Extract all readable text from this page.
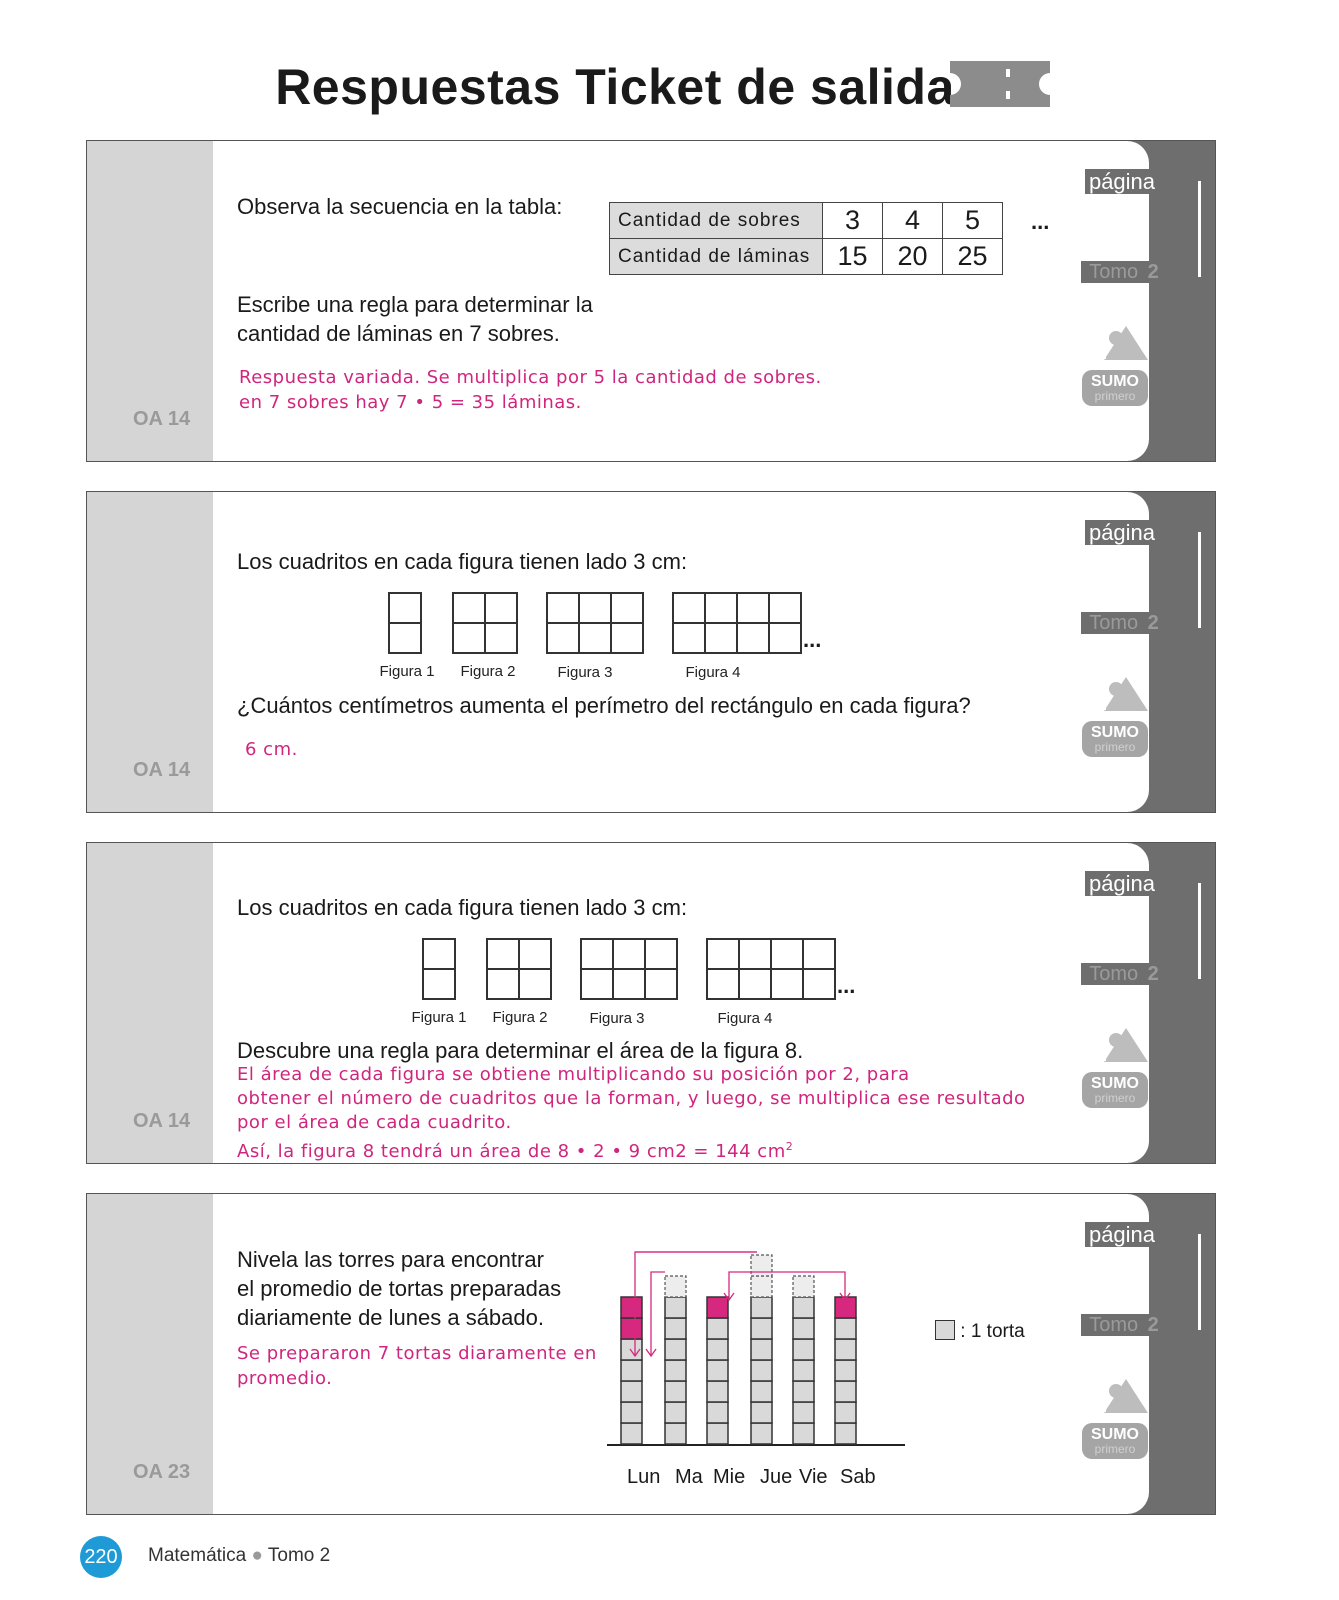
Respuestas Ticket de salida
OA 14
Observa la secuencia en la tabla:
Cantidad de sobres	3	4	5
Cantidad de láminas	15	20	25
...
Escribe una regla para determinar la
cantidad de láminas en 7 sobres.
Respuesta variada. Se multiplica por 5 la cantidad de sobres.
en 7 sobres hay 7 • 5 = 35 láminas.
página
35
Tomo 2
SUMO
primero
OA 14
Los cuadritos en cada figura tienen lado 3 cm:
...
Figura 1	Figura 2	Figura 3	Figura 4
¿Cuántos centímetros aumenta el perímetro del rectángulo en cada figura?
6 cm.
página
36
Tomo 2
SUMO
primero
OA 14
Los cuadritos en cada figura tienen lado 3 cm:
...
Figura 1	Figura 2	Figura 3	Figura 4
Descubre una regla para determinar el área de la figura 8.
El área de cada figura se obtiene multiplicando su posición por 2, para
obtener el número de cuadritos que la forman, y luego, se multiplica ese resultado
por el área de cada cuadrito.
Así, la figura 8 tendrá un área de 8 • 2 • 9 cm2 = 144 $cm^2$
página
37
Tomo 2
SUMO
primero
OA 23
Nivela las torres para encontrar
el promedio de tortas preparadas
diariamente de lunes a sábado.
Se prepararon 7 tortas diaramente en
promedio.
: 1 torta
Lun Ma Mie Jue Vie Sab
página
40
Tomo 2
SUMO
primero
220 Matemática ● Tomo 2
